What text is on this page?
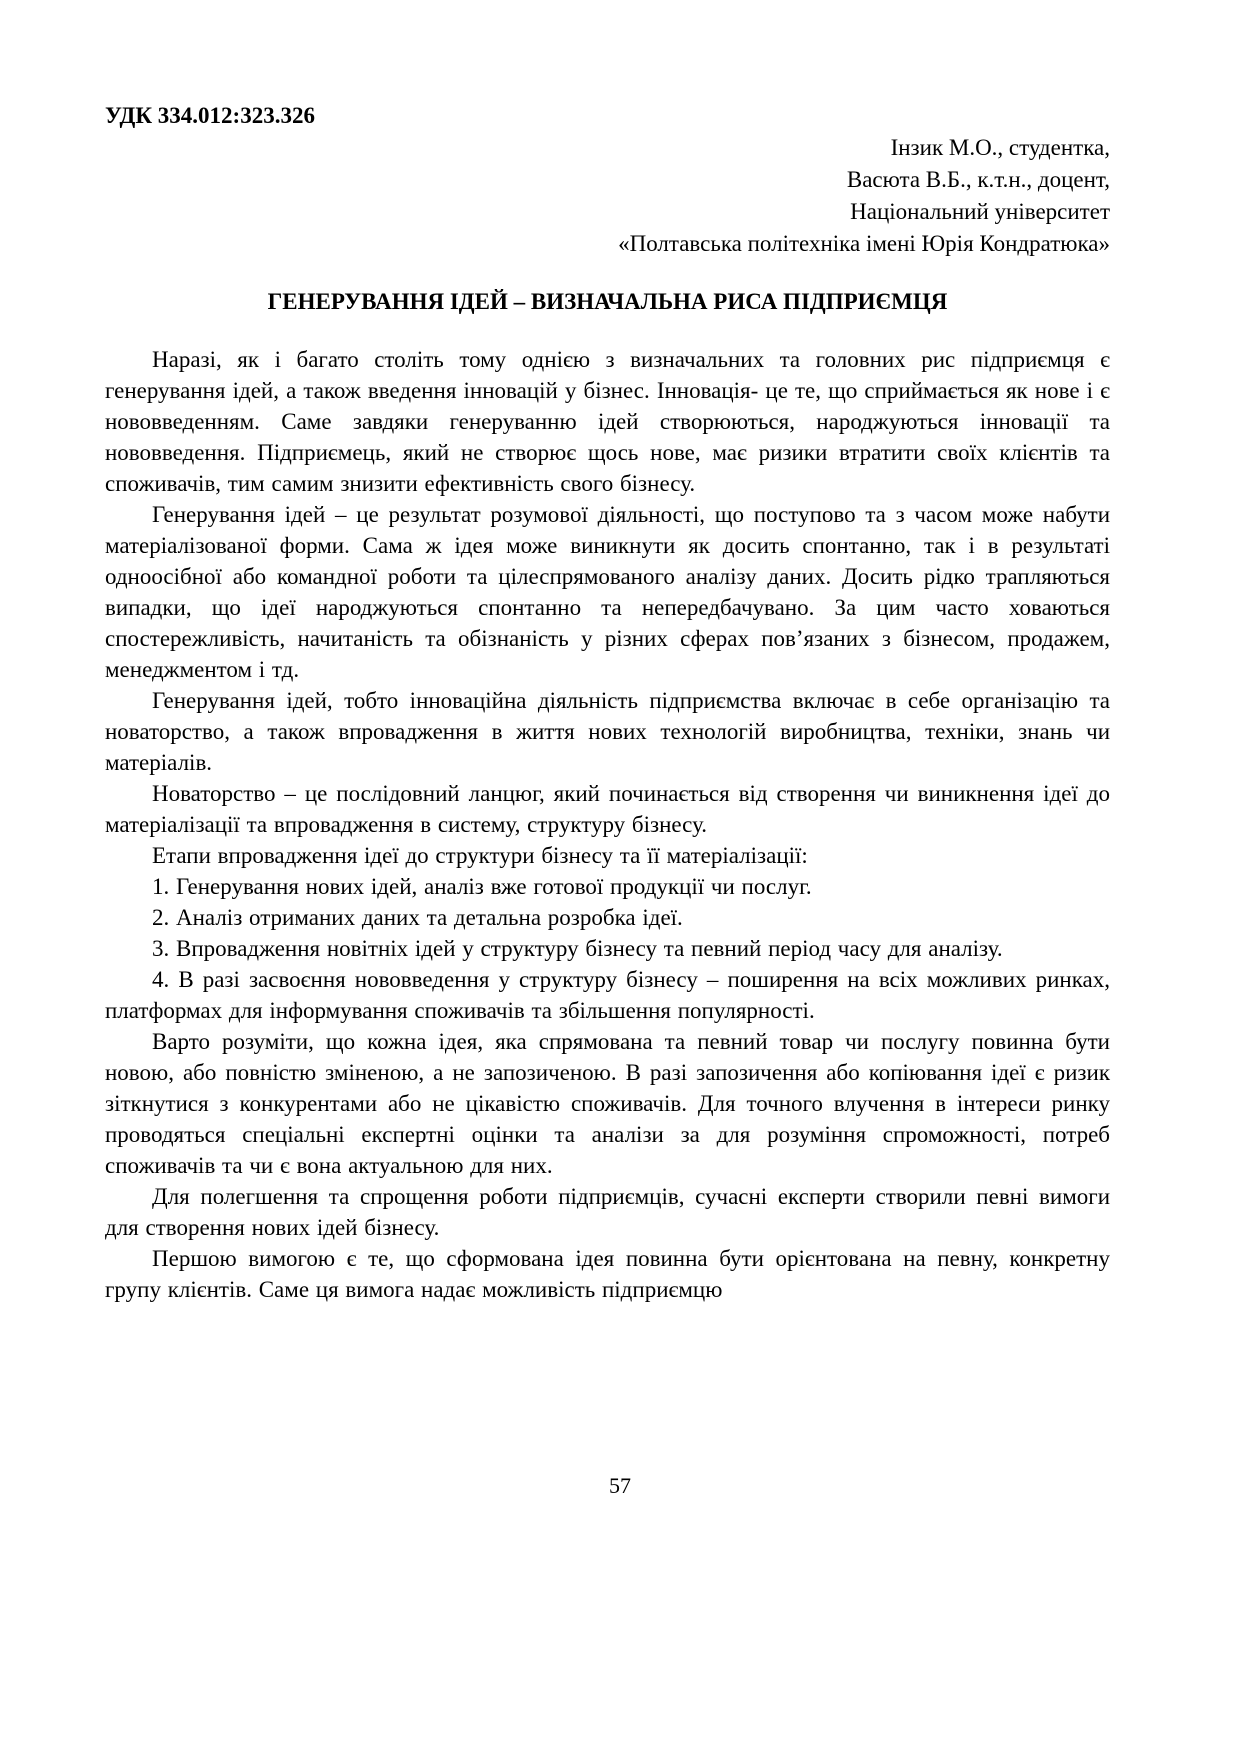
УДК 334.012:323.326
Інзик М.О., студентка,
Васюта В.Б., к.т.н., доцент,
Національний університет
«Полтавська політехніка імені Юрія Кондратюка»
ГЕНЕРУВАННЯ ІДЕЙ – ВИЗНАЧАЛЬНА РИСА ПІДПРИЄМЦЯ

Наразі, як і багато століть тому однією з визначальних та головних рис підприємця є генерування ідей, а також введення інновацій у бізнес. Інновація- це те, що сприймається як нове і є нововведенням. Саме завдяки генеруванню ідей створюються, народжуються інновації та нововведення. Підприємець, який не створює щось нове, має ризики втратити своїх клієнтів та споживачів, тим самим знизити ефективність свого бізнесу.

Генерування ідей – це результат розумової діяльності, що поступово та з часом може набути матеріалізованої форми. Сама ж ідея може виникнути як досить спонтанно, так і в результаті одноосібної або командної роботи та цілеспрямованого аналізу даних. Досить рідко трапляються випадки, що ідеї народжуються спонтанно та непередбачувано. За цим часто ховаються спостережливість, начитаність та обізнаність у різних сферах пов’язаних з бізнесом, продажем, менеджментом і тд.

Генерування ідей, тобто інноваційна діяльність підприємства включає в себе організацію та новаторство, а також впровадження в життя нових технологій виробництва, техніки, знань чи матеріалів.

Новаторство – це послідовний ланцюг, який починається від створення чи виникнення ідеї до матеріалізації та впровадження в систему, структуру бізнесу.

Етапи впровадження ідеї до структури бізнесу та її матеріалізації:

1. Генерування нових ідей, аналіз вже готової продукції чи послуг.

2. Аналіз отриманих даних та детальна розробка ідеї.

3. Впровадження новітніх ідей у структуру бізнесу та певний період часу для аналізу.

4. В разі засвоєння нововведення у структуру бізнесу – поширення на всіх можливих ринках, платформах для інформування споживачів та збільшення популярності.

Варто розуміти, що кожна ідея, яка спрямована та певний товар чи послугу повинна бути новою, або повністю зміненою, а не запозиченою. В разі запозичення або копіювання ідеї є ризик зіткнутися з конкурентами або не цікавістю споживачів. Для точного влучення в інтереси ринку проводяться спеціальні експертні оцінки та аналізи за для розуміння спроможності, потреб споживачів та чи є вона актуальною для них.

Для полегшення та спрощення роботи підприємців, сучасні експерти створили певні вимоги для створення нових ідей бізнесу.

Першою вимогою є те, що сформована ідея повинна бути орієнтована на певну, конкретну групу клієнтів. Саме ця вимога надає можливість підприємцю

57
